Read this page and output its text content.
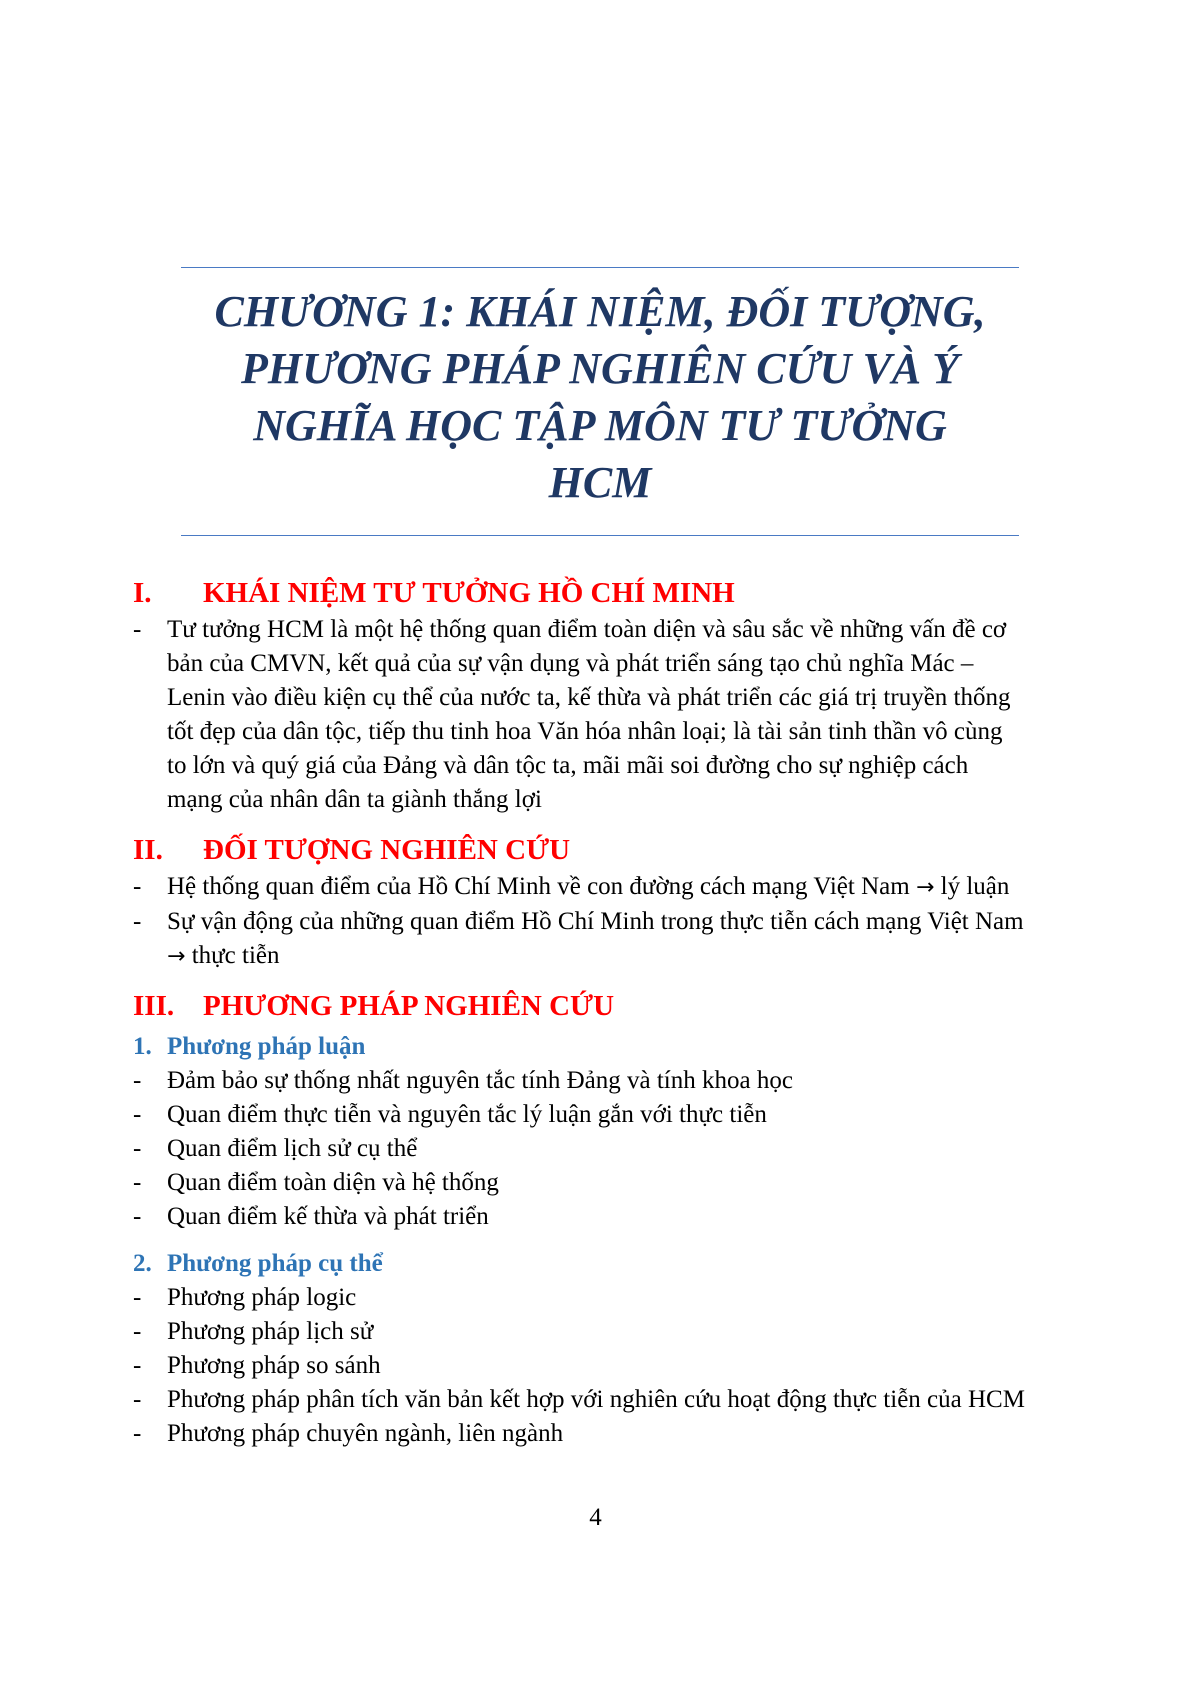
CHƯƠNG 1: KHÁI NIỆM, ĐỐI TƯỢNG,
PHƯƠNG PHÁP NGHIÊN CỨU VÀ Ý
NGHĨA HỌC TẬP MÔN TƯ TƯỞNG
HCM
I. KHÁI NIỆM TƯ TƯỞNG HỒ CHÍ MINH
- Tư tưởng HCM là một hệ thống quan điểm toàn diện và sâu sắc về những vấn đề cơ
bản của CMVN, kết quả của sự vận dụng và phát triển sáng tạo chủ nghĩa Mác –
Lenin vào điều kiện cụ thể của nước ta, kế thừa và phát triển các giá trị truyền thống
tốt đẹp của dân tộc, tiếp thu tinh hoa Văn hóa nhân loại; là tài sản tinh thần vô cùng
to lớn và quý giá của Đảng và dân tộc ta, mãi mãi soi đường cho sự nghiệp cách
mạng của nhân dân ta giành thắng lợi
II. ĐỐI TƯỢNG NGHIÊN CỨU
- Hệ thống quan điểm của Hồ Chí Minh về con đường cách mạng Việt Nam → lý luận
- Sự vận động của những quan điểm Hồ Chí Minh trong thực tiễn cách mạng Việt Nam
→ thực tiễn
III. PHƯƠNG PHÁP NGHIÊN CỨU
1. Phương pháp luận
- Đảm bảo sự thống nhất nguyên tắc tính Đảng và tính khoa học
- Quan điểm thực tiễn và nguyên tắc lý luận gắn với thực tiễn
- Quan điểm lịch sử cụ thể
- Quan điểm toàn diện và hệ thống
- Quan điểm kế thừa và phát triển
2. Phương pháp cụ thể
- Phương pháp logic
- Phương pháp lịch sử
- Phương pháp so sánh
- Phương pháp phân tích văn bản kết hợp với nghiên cứu hoạt động thực tiễn của HCM
- Phương pháp chuyên ngành, liên ngành
4
